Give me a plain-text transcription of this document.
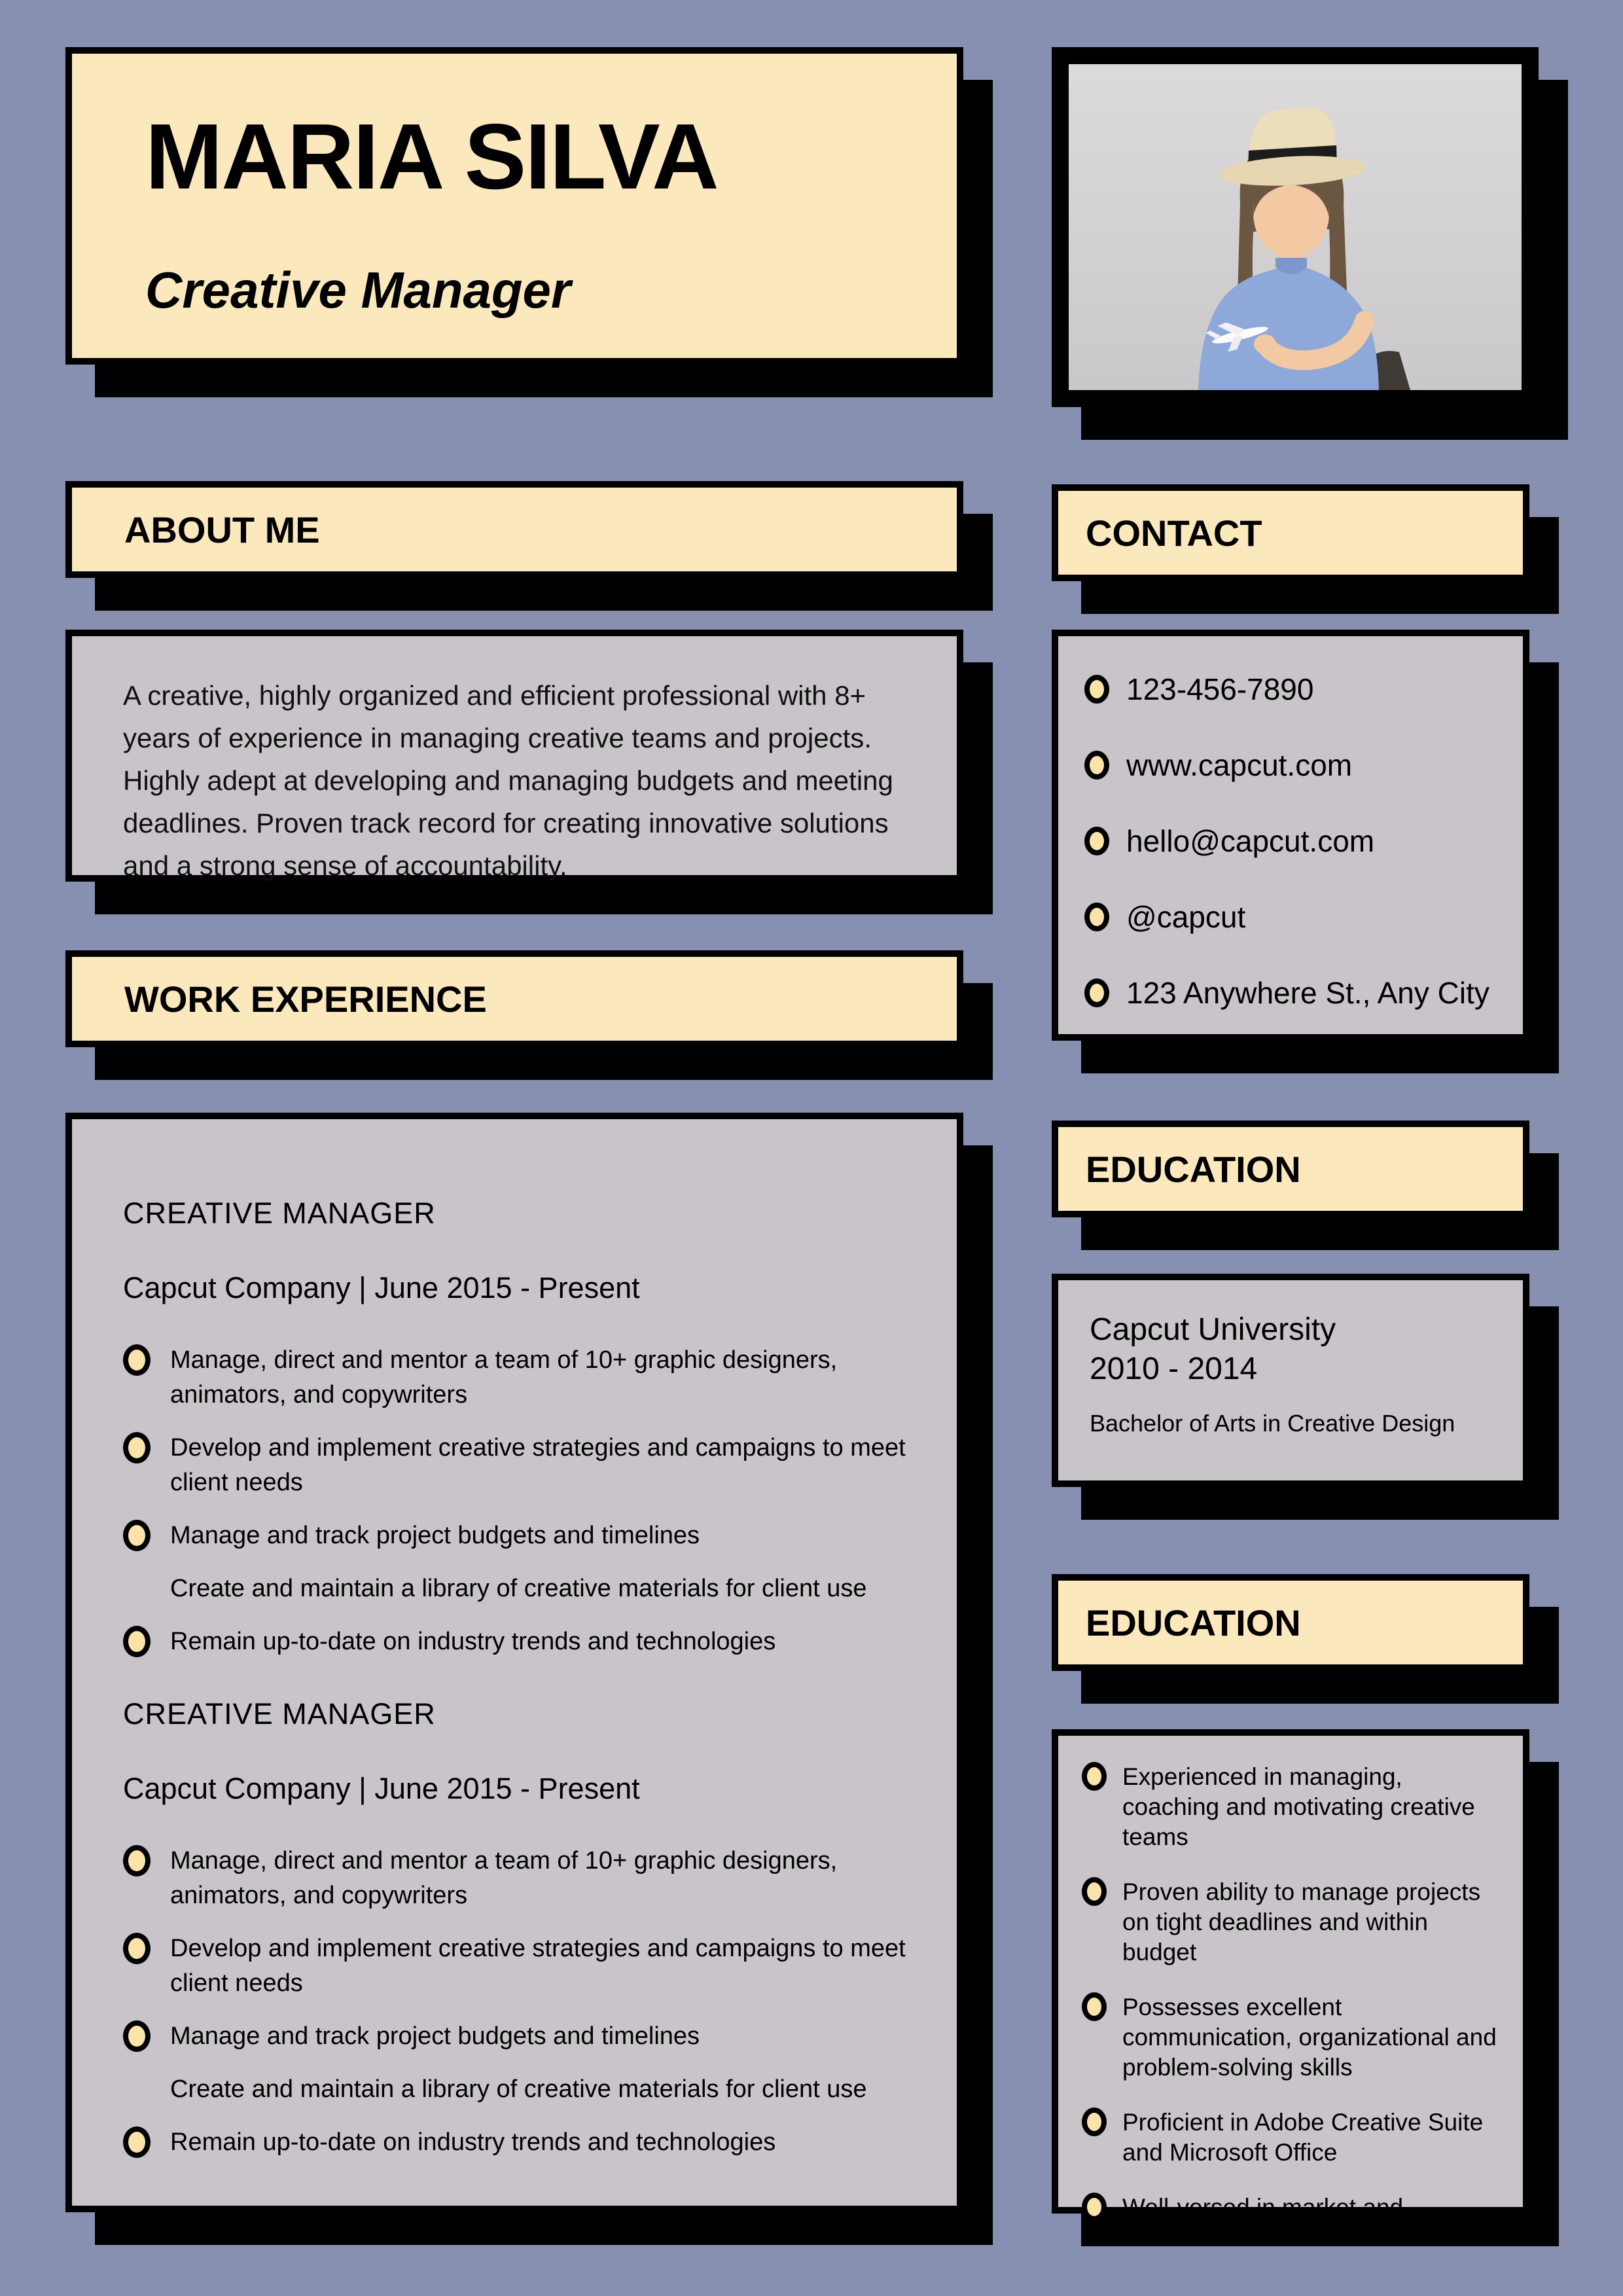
MARIA SILVA
Creative Manager
ABOUT ME

A creative, highly organized and efficient professional with 8+ years of experience in managing creative teams and projects. Highly adept at developing and managing budgets and meeting deadlines. Proven track record for creating innovative solutions and a strong sense of accountability.

CONTACT
123-456-7890
www.capcut.com
hello@capcut.com
@capcut
123 Anywhere St., Any City
WORK EXPERIENCE
CREATIVE MANAGER
Capcut Company | June 2015 - Present
Manage, direct and mentor a team of 10+ graphic designers, animators, and copywriters
Develop and implement creative strategies and campaigns to meet client needs
Manage and track project budgets and timelines
Create and maintain a library of creative materials for client use
Remain up-to-date on industry trends and technologies
CREATIVE MANAGER
Capcut Company | June 2015 - Present
Manage, direct and mentor a team of 10+ graphic designers, animators, and copywriters
Develop and implement creative strategies and campaigns to meet client needs
Manage and track project budgets and timelines
Create and maintain a library of creative materials for client use
Remain up-to-date on industry trends and technologies
EDUCATION
Capcut University
2010 - 2014
Bachelor of Arts in Creative Design
EDUCATION
Experienced in managing, coaching and motivating creative teams
Proven ability to manage projects on tight deadlines and within budget
Possesses excellent communication, organizational and problem-solving skills
Proficient in Adobe Creative Suite and Microsoft Office
Well-versed in market and customer trends
